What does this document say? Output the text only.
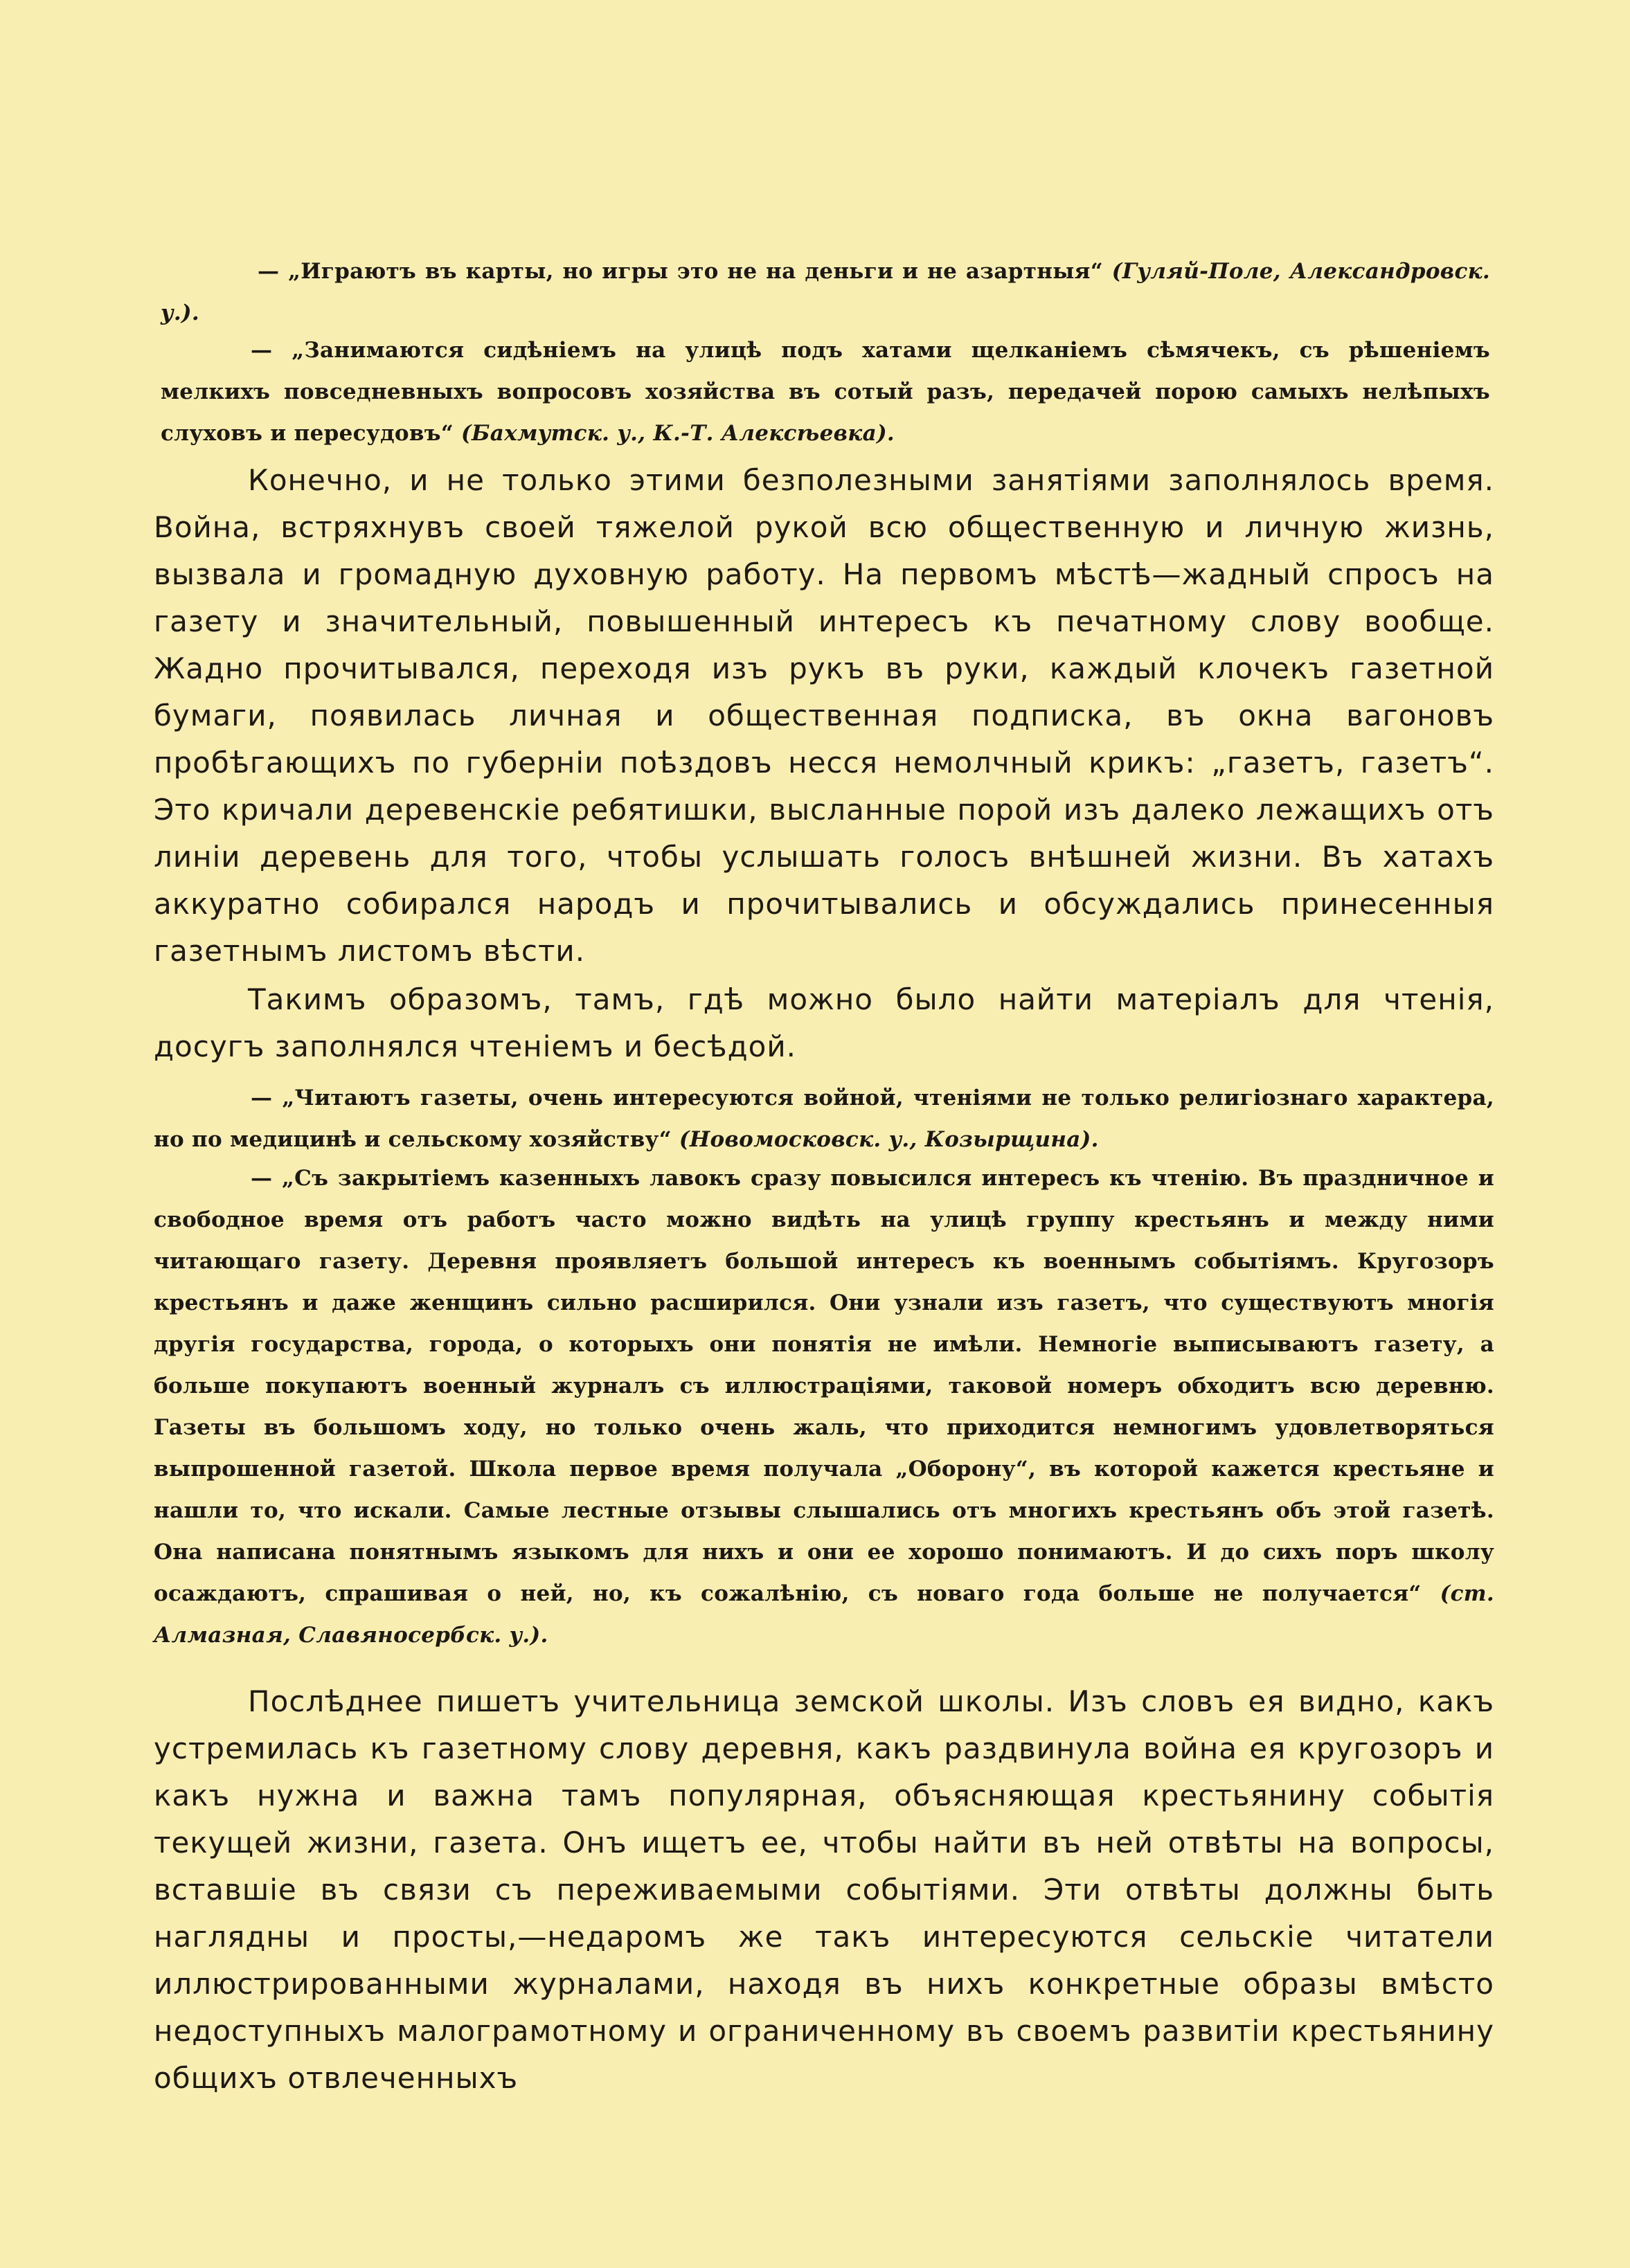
— „Играютъ въ карты, но игры это не на деньги и не азартныя“ (Гуляй-Поле, Александровск. у.).

— „Занимаются сидѣніемъ на улицѣ подъ хатами щелканіемъ сѣмячекъ, съ рѣшеніемъ мелкихъ повседневныхъ вопросовъ хозяйства въ сотый разъ, передачей порою самыхъ нелѣпыхъ слуховъ и пересудовъ“ (Бахмутск. у., К.-Т. Алексѣевка).

Конечно, и не только этими безполезными занятіями заполнялось время. Война, встряхнувъ своей тяжелой рукой всю общественную и личную жизнь, вызвала и громадную духовную работу. На первомъ мѣстѣ—жадный спросъ на газету и значительный, повышенный интересъ къ печатному слову вообще. Жадно прочитывался, переходя изъ рукъ въ руки, каждый клочекъ газетной бумаги, появилась личная и общественная подписка, въ окна вагоновъ пробѣгающихъ по губерніи поѣздовъ несся немолчный крикъ: „газетъ, газетъ“. Это кричали деревенскіе ребятишки, высланные порой изъ далеко лежащихъ отъ линіи деревень для того, чтобы услышать голосъ внѣшней жизни. Въ хатахъ аккуратно собирался народъ и прочитывались и обсуждались принесенныя газетнымъ листомъ вѣсти.

Такимъ образомъ, тамъ, гдѣ можно было найти матеріалъ для чтенія, досугъ заполнялся чтеніемъ и бесѣдой.

— „Читаютъ газеты, очень интересуются войной, чтеніями не только религіознаго характера, но по медицинѣ и сельскому хозяйству“ (Новомосковск. у., Козырщина).

— „Съ закрытіемъ казенныхъ лавокъ сразу повысился интересъ къ чтенію. Въ праздничное и свободное время отъ работъ часто можно видѣть на улицѣ группу крестьянъ и между ними читающаго газету. Деревня проявляетъ большой интересъ къ военнымъ событіямъ. Кругозоръ крестьянъ и даже женщинъ сильно расширился. Они узнали изъ газетъ, что существуютъ многія другія государства, города, о которыхъ они понятія не имѣли. Немногіе выписываютъ газету, а больше покупаютъ военный журналъ съ иллюстраціями, таковой номеръ обходитъ всю деревню. Газеты въ большомъ ходу, но только очень жаль, что приходится немногимъ удовлетворяться выпрошенной газетой. Школа первое время получала „Оборону“, въ которой кажется крестьяне и нашли то, что искали. Самые лестные отзывы слышались отъ многихъ крестьянъ объ этой газетѣ. Она написана понятнымъ языкомъ для нихъ и они ее хорошо понимаютъ. И до сихъ поръ школу осаждаютъ, спрашивая о ней, но, къ сожалѣнію, съ новаго года больше не получается“ (ст. Алмазная, Славяносербск. у.).

Послѣднее пишетъ учительница земской школы. Изъ словъ ея видно, какъ устремилась къ газетному слову деревня, какъ раздвинула война ея кругозоръ и какъ нужна и важна тамъ популярная, объясняющая крестьянину событія текущей жизни, газета. Онъ ищетъ ее, чтобы найти въ ней отвѣты на вопросы, вставшіе въ связи съ переживаемыми событіями. Эти отвѣты должны быть наглядны и просты,—недаромъ же такъ интересуются сельскіе читатели иллюстрированными журналами, находя въ нихъ конкретные образы вмѣсто недоступныхъ малограмотному и ограниченному въ своемъ развитіи крестьянину общихъ отвлеченныхъ
